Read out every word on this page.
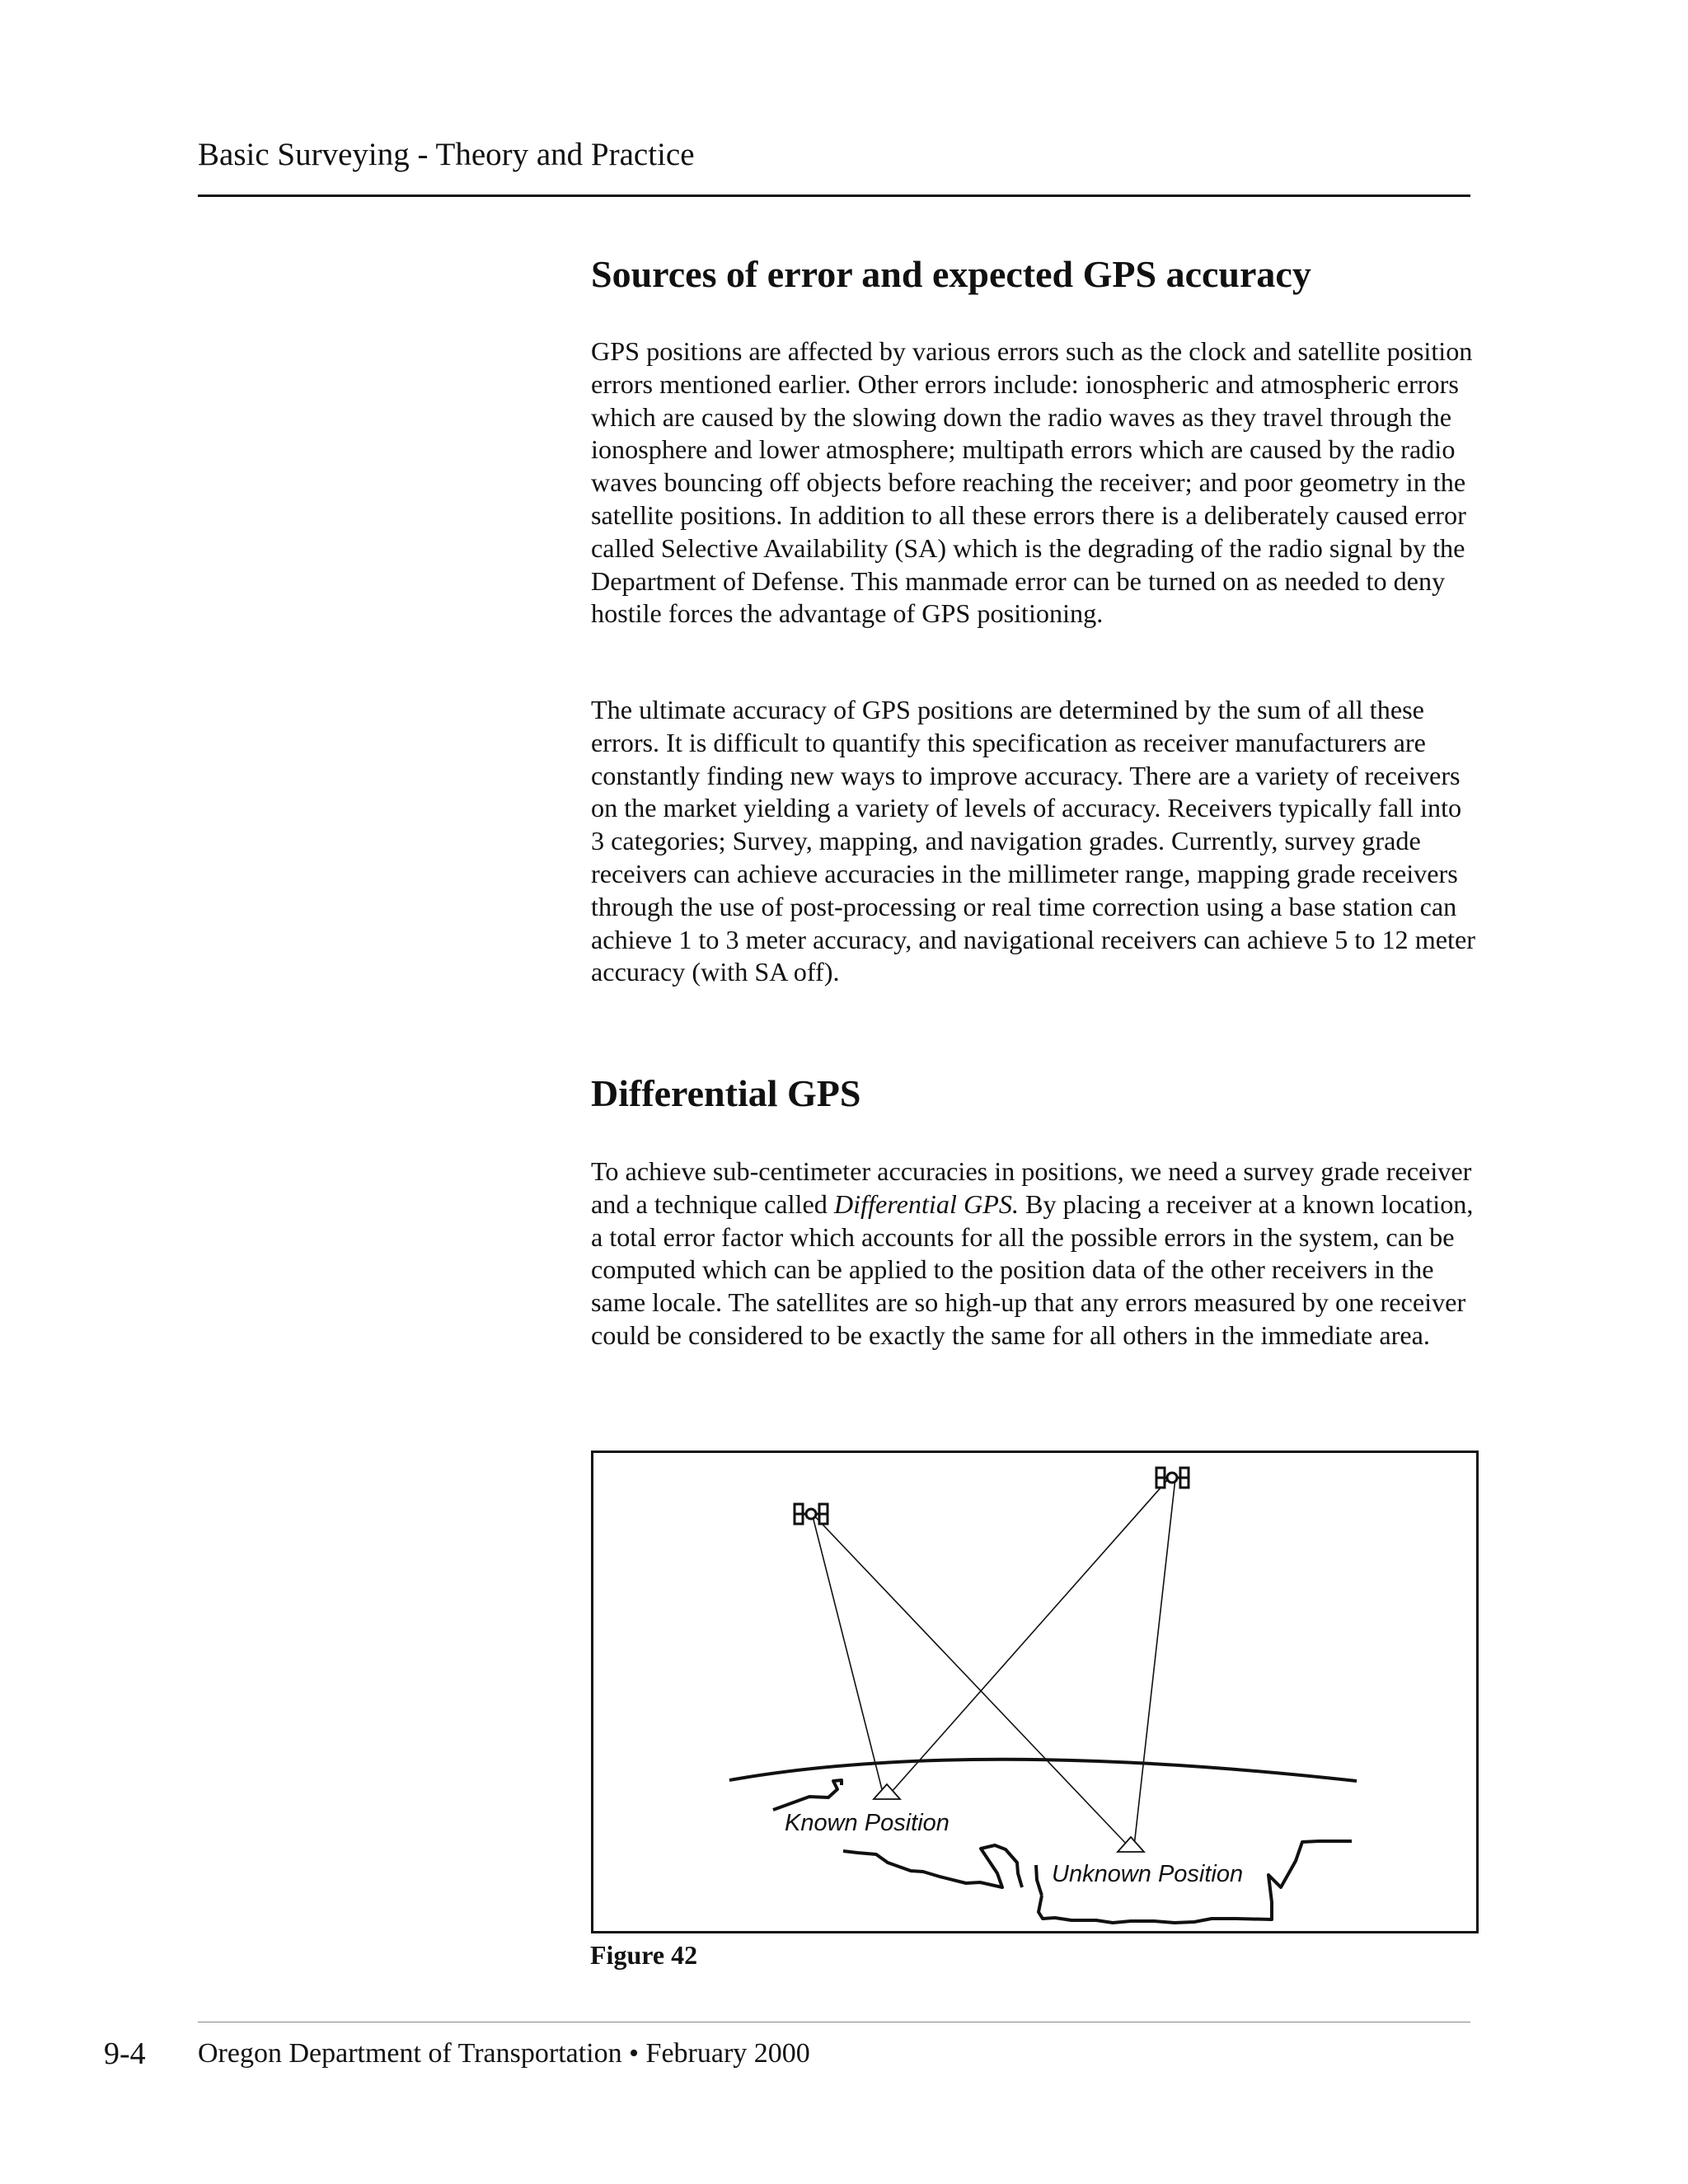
Basic Surveying - Theory and Practice
Sources of error and expected GPS accuracy

GPS positions are affected by various errors such as the clock and satellite position errors mentioned earlier. Other errors include: ionospheric and atmospheric errors which are caused by the slowing down the radio waves as they travel through the ionosphere and lower atmosphere; multipath errors which are caused by the radio waves bouncing off objects before reaching the receiver; and poor geometry in the satellite positions. In addition to all these errors there is a deliberately caused error called Selective Availability (SA) which is the degrading of the radio signal by the Department of Defense. This manmade error can be turned on as needed to deny hostile forces the advantage of GPS positioning.

The ultimate accuracy of GPS positions are determined by the sum of all these errors. It is difficult to quantify this specification as receiver manufacturers are constantly finding new ways to improve accuracy. There are a variety of receivers on the market yielding a variety of levels of accuracy. Receivers typically fall into 3 categories; Survey, mapping, and navigation grades. Currently, survey grade receivers can achieve accuracies in the millimeter range, mapping grade receivers through the use of post-processing or real time correction using a base station can achieve 1 to 3 meter accuracy, and navigational receivers can achieve 5 to 12 meter accuracy (with SA off).

Differential GPS

To achieve sub-centimeter accuracies in positions, we need a survey grade receiver and a technique called Differential GPS. By placing a receiver at a known location, a total error factor which accounts for all the possible errors in the system, can be computed which can be applied to the position data of the other receivers in the same locale. The satellites are so high-up that any errors measured by one receiver could be considered to be exactly the same for all others in the immediate area.

Known Position
Unknown Position
Figure 42
9-4 Oregon Department of Transportation • February 2000
